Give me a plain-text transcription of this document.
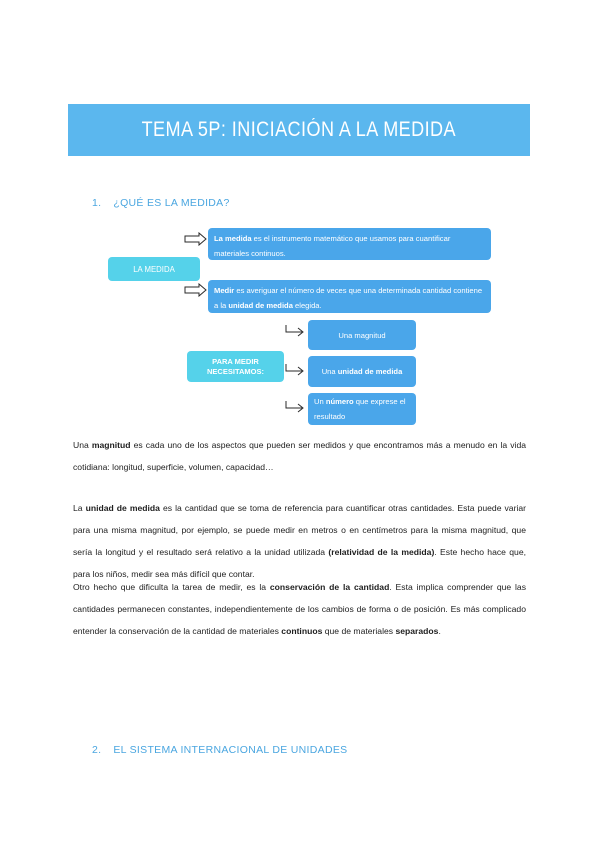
TEMA 5P: INICIACIÓN A LA MEDIDA
1. ¿QUÉ ES LA MEDIDA?
LA MEDIDA
La medida es el instrumento matemático que usamos para cuantificar materiales continuos.
Medir es averiguar el número de veces que una determinada cantidad contiene a la unidad de medida elegida.
PARA MEDIR NECESITAMOS:
Una magnitud
Una unidad de medida
Un número que exprese el resultado

Una magnitud es cada uno de los aspectos que pueden ser medidos y que encontramos más a menudo en la vida cotidiana: longitud, superficie, volumen, capacidad…

La unidad de medida es la cantidad que se toma de referencia para cuantificar otras cantidades. Esta puede variar para una misma magnitud, por ejemplo, se puede medir en metros o en centímetros para la misma magnitud, que sería la longitud y el resultado será relativo a la unidad utilizada (relatividad de la medida). Este hecho hace que, para los niños, medir sea más difícil que contar.

Otro hecho que dificulta la tarea de medir, es la conservación de la cantidad. Esta implica comprender que las cantidades permanecen constantes, independientemente de los cambios de forma o de posición. Es más complicado entender la conservación de la cantidad de materiales continuos que de materiales separados.

2. EL SISTEMA INTERNACIONAL DE UNIDADES
